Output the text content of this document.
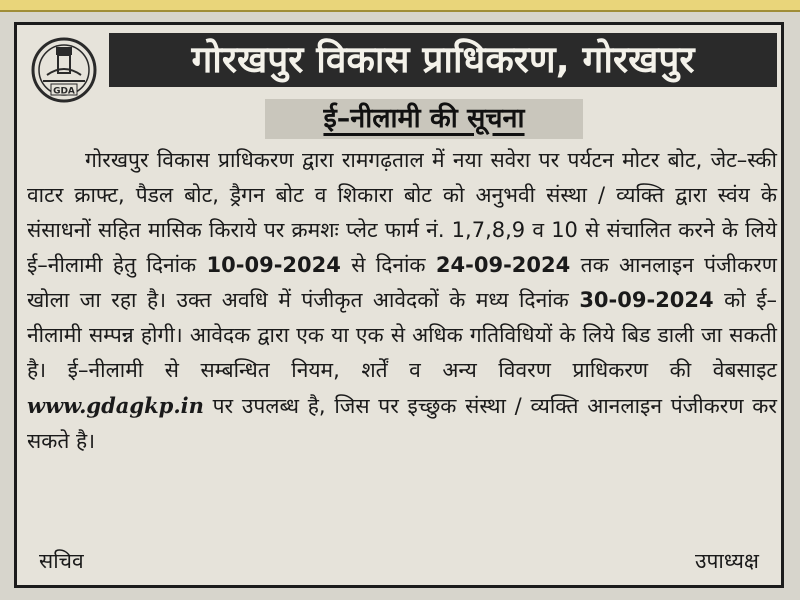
GDA
गोरखपुर विकास प्राधिकरण, गोरखपुर
ई–नीलामी की सूचना

गोरखपुर विकास प्राधिकरण द्वारा रामगढ़ताल में नया सवेरा पर पर्यटन मोटर बोट, जेट–स्की वाटर क्राफ्ट, पैडल बोट, ड्रैगन बोट व शिकारा बोट को अनुभवी संस्था / व्यक्ति द्वारा स्वंय के संसाधनों सहित मासिक किराये पर क्रमशः प्लेट फार्म नं. 1,7,8,9 व 10 से संचालित करने के लिये ई–नीलामी हेतु दिनांक 10-09-2024 से दिनांक 24-09-2024 तक आनलाइन पंजीकरण खोला जा रहा है। उक्त अवधि में पंजीकृत आवेदकों के मध्य दिनांक 30-09-2024 को ई–नीलामी सम्पन्न होगी। आवेदक द्वारा एक या एक से अधिक गतिविधियों के लिये बिड डाली जा सकती है। ई–नीलामी से सम्बन्धित नियम, शर्तें व अन्य विवरण प्राधिकरण की वेबसाइट www.gdagkp.in पर उपलब्ध है, जिस पर इच्छुक संस्था / व्यक्ति आनलाइन पंजीकरण कर सकते है।

सचिव	उपाध्यक्ष
